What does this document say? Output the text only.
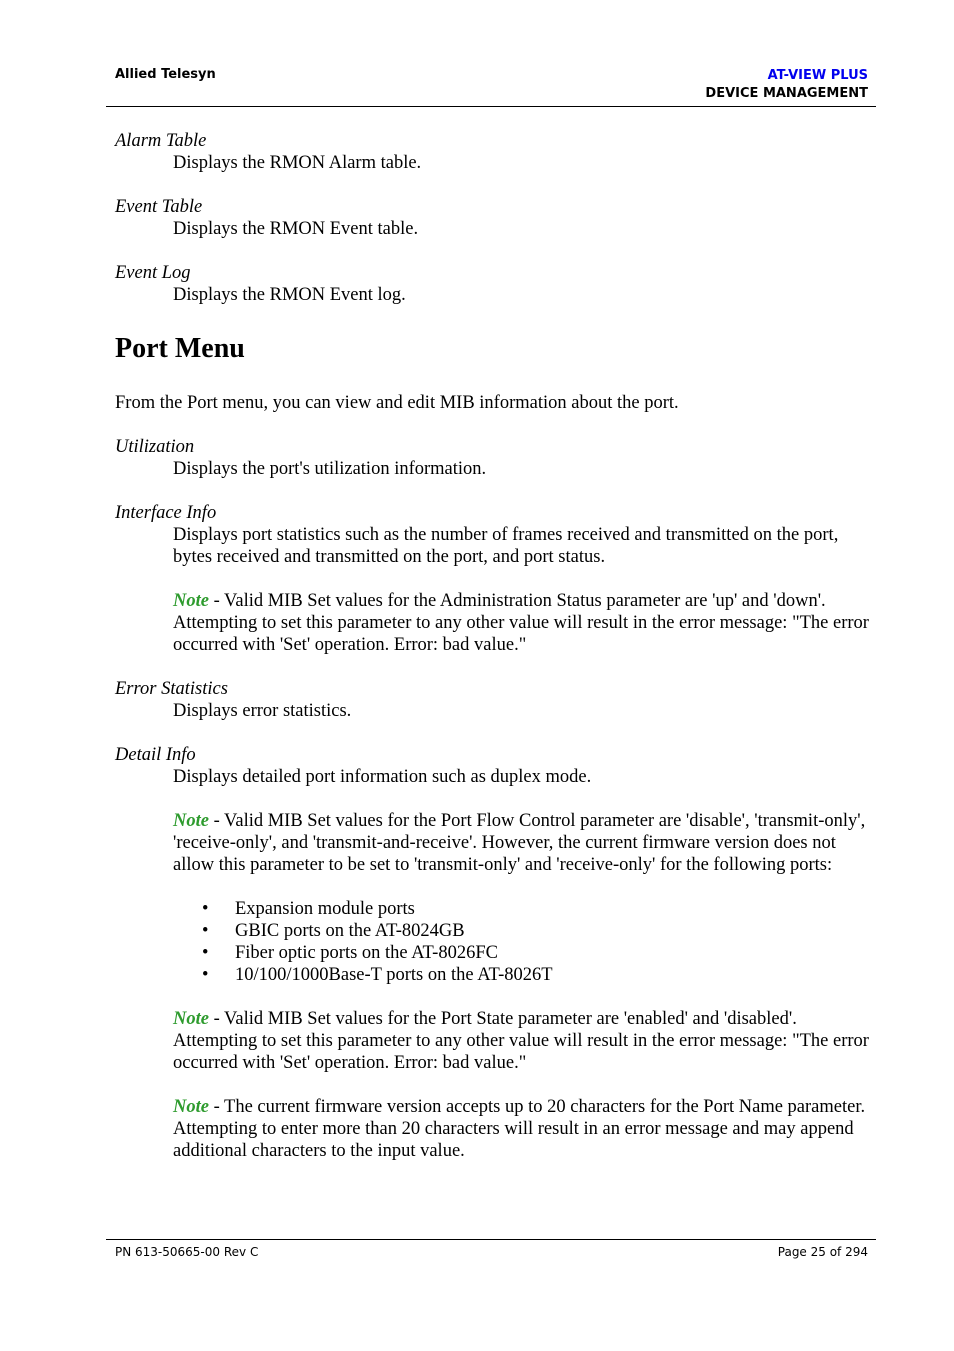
Allied Telesyn	AT-VIEW PLUS
DEVICE MANAGEMENT

Alarm Table

Displays the RMON Alarm table.

Event Table

Displays the RMON Event table.

Event Log

Displays the RMON Event log.

Port Menu

From the Port menu, you can view and edit MIB information about the port.

Utilization

Displays the port's utilization information.

Interface Info

Displays port statistics such as the number of frames received and transmitted on the port, bytes received and transmitted on the port, and port status.

Note - Valid MIB Set values for the Administration Status parameter are 'up' and 'down'. Attempting to set this parameter to any other value will result in the error message: "The error occurred with 'Set' operation. Error: bad value."

Error Statistics

Displays error statistics.

Detail Info

Displays detailed port information such as duplex mode.

Note - Valid MIB Set values for the Port Flow Control parameter are 'disable', 'transmit-only', 'receive-only', and 'transmit-and-receive'. However, the current firmware version does not allow this parameter to be set to 'transmit-only' and 'receive-only' for the following ports:

• Expansion module ports
• GBIC ports on the AT-8024GB
• Fiber optic ports on the AT-8026FC
• 10/100/1000Base-T ports on the AT-8026T

Note - Valid MIB Set values for the Port State parameter are 'enabled' and 'disabled'. Attempting to set this parameter to any other value will result in the error message: "The error occurred with 'Set' operation. Error: bad value."

Note - The current firmware version accepts up to 20 characters for the Port Name parameter. Attempting to enter more than 20 characters will result in an error message and may append additional characters to the input value.

PN 613-50665-00 Rev C	Page 25 of 294
